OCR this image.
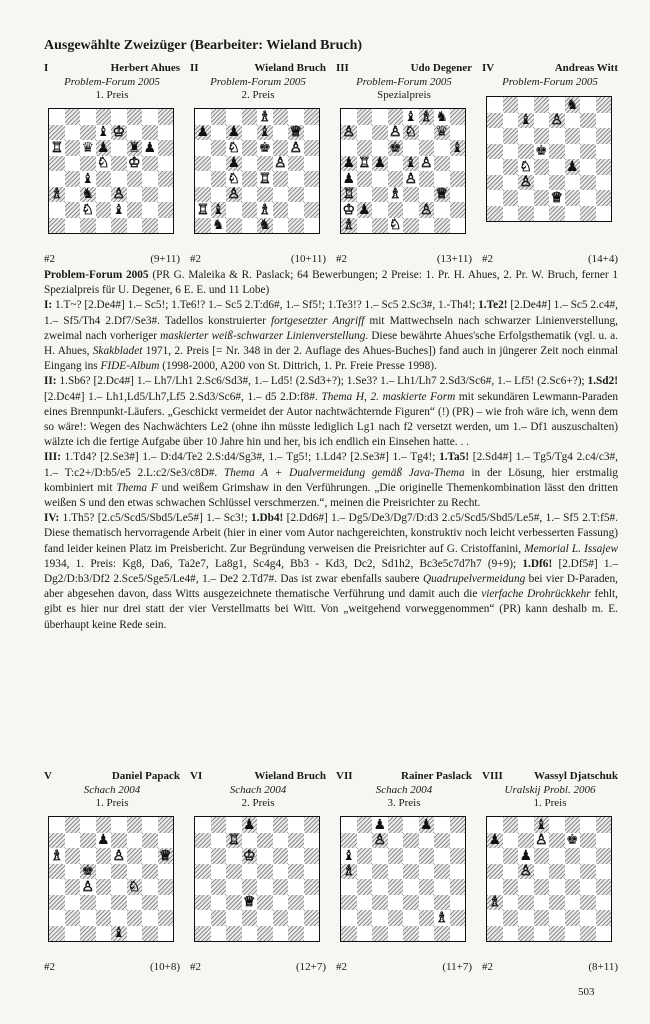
Ausgewählte Zweizüger (Bearbeiter: Wieland Bruch)
I	Herbert Ahues
Problem-Forum 2005
1. Preis
♝ ♔
♖ ♛ ♟ ♜ ♟
♘ ♔
♝
♗ ♞ ♙
♘ ♝
#2	(9+11)
II	Wieland Bruch
Problem-Forum 2005
2. Preis
♗
♟ ♟ ♝ ♕
♘ ♚ ♙
♟ ♙
♘ ♖
♙
♖ ♝ ♗
♞ ♞
#2	(10+11)
III	Udo Degener
Problem-Forum 2005
Spezialpreis
♝ ♗ ♞
♙ ♙ ♘ ♛
♚	♝
♟ ♖ ♟ ♝ ♙
♟	♙
♖ ♗ ♕
♔ ♟	♙
♗ ♘
#2	(13+11)
IV	Andreas Witt
Problem-Forum 2005
♞
♝ ♙
♚
♘ ♟
♙
♕
#2	(14+4)

Problem-Forum 2005 (PR G. Maleika & R. Paslack; 64 Bewerbungen; 2 Preise: 1. Pr. H. Ahues, 2. Pr. W. Bruch, ferner 1 Spezialpreis für U. Degener, 6 E. E. und 11 Lobe)

I: 1.T~? [2.De4#] 1.– Sc5!; 1.Te6!? 1.– Sc5 2.T:d6#, 1.– Sf5!; 1.Te3!? 1.– Sc5 2.Sc3#, 1.-Th4!; 1.Te2! [2.De4#] 1.– Sc5 2.c4#, 1.– Sf5/Th4 2.Df7/Se3#. Tadellos konstruierter fortgesetzter Angriff mit Mattwechseln nach schwarzer Linienverstellung, zweimal nach vorheriger maskierter weiß-schwarzer Linienverstellung. Diese bewährte Ahues'sche Erfolgsthematik (vgl. u. a. H. Ahues, Skakbladet 1971, 2. Preis [= Nr. 348 in der 2. Auflage des Ahues-Buches]) fand auch in jüngerer Zeit noch einmal Eingang ins FIDE-Album (1998-2000, A200 von St. Dittrich, 1. Pr. Freie Presse 1998).

II: 1.Sb6? [2.Dc4#] 1.– Lh7/Lh1 2.Sc6/Sd3#, 1.– Ld5! (2.Sd3+?); 1.Se3? 1.– Lh1/Lh7 2.Sd3/Sc6#, 1.– Lf5! (2.Sc6+?); 1.Sd2! [2.Dc4#] 1.– Lh1,Ld5/Lh7,Lf5 2.Sd3/Sc6#, 1.– d5 2.D:f8#. Thema H, 2. maskierte Form mit sekundären Lewmann-Paraden eines Brennpunkt-Läufers. „Geschickt vermeidet der Autor nachtwächternde Figuren“ (!) (PR) – wie froh wäre ich, wenn dem so wäre!: Wegen des Nachwächters Le2 (ohne ihn müsste lediglich Lg1 nach f2 versetzt werden, um 1.– Df1 auszuschalten) wälzte ich die fertige Aufgabe über 10 Jahre hin und her, bis ich endlich ein Einsehen hatte. . .

III: 1.Td4? [2.Se3#] 1.– D:d4/Te2 2.S:d4/Sg3#, 1.– Tg5!; 1.Ld4? [2.Se3#] 1.– Tg4!; 1.Ta5! [2.Sd4#] 1.– Tg5/Tg4 2.c4/c3#, 1.– T:c2+/D:b5/e5 2.L:c2/Se3/c8D#. Thema A + Dualvermeidung gemäß Java-Thema in der Lösung, hier erstmalig kombiniert mit Thema F und weißem Grimshaw in den Verführungen. „Die originelle Themenkombination lässt den dritten weißen S und den etwas schwachen Schlüssel verschmerzen.“, meinen die Preisrichter zu Recht.

IV: 1.Th5? [2.c5/Scd5/Sbd5/Le5#] 1.– Sc3!; 1.Db4! [2.Dd6#] 1.– Dg5/De3/Dg7/D:d3 2.c5/Scd5/Sbd5/Le5#, 1.– Sf5 2.T:f5#. Diese thematisch hervorragende Arbeit (hier in einer vom Autor nachgereichten, konstruktiv noch leicht verbesserten Fassung) fand leider keinen Platz im Preisbericht. Zur Begründung verweisen die Preisrichter auf G. Cristoffanini, Memorial L. Issajew 1934, 1. Preis: Kg8, Da6, Ta2e7, La8g1, Sc4g4, Bb3 - Kd3, Dc2, Sd1h2, Bc3e5c7d7h7 (9+9); 1.Df6! [2.Df5#] 1.– Dg2/D:b3/Df2 2.Sce5/Sge5/Le4#, 1.– De2 2.Td7#. Das ist zwar ebenfalls saubere Quadrupelvermeidung bei vier D-Paraden, aber abgesehen davon, dass Witts ausgezeichnete thematische Verführung und damit auch die vierfache Drohrückkehr fehlt, gibt es hier nur drei statt der vier Verstellmatts bei Witt. Von „weitgehend vorweggenommen“ (PR) kann deshalb m. E. überhaupt keine Rede sein.

V	Daniel Papack
Schach 2004
1. Preis
♟
♗	♙ ♕
♚
♙ ♘
♝
#2	(10+8)
VI	Wieland Bruch
Schach 2004
2. Preis
♟
♖
♔
♕
#2	(12+7)
VII	Rainer Paslack
Schach 2004
3. Preis
♟ ♟
♙
♝
♗
♗
#2	(11+7)
VIII	Wassyl Djatschuk
Uralskij Probl. 2006
1. Preis
♝
♟ ♙ ♚
♟
♙
♗
#2	(8+11)
503
